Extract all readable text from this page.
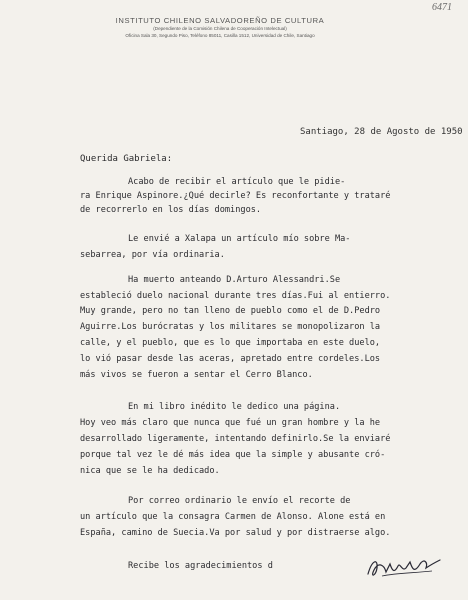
6471
INSTITUTO CHILENO SALVADOREÑO DE CULTURA
(Dependiente de la Comisión Chilena de Cooperación Intelectual)
Oficina Sala 30, Segundo Piso, Teléfono 85011, Casilla 1512, Universidad de Chile, Santiago
Santiago, 28 de Agosto de 1950
Querida Gabriela:
Acabo de recibir el artículo que le pidie-
ra Enrique Aspinore.¿Qué decirle? Es reconfortante y trataré
de recorrerlo en los días domingos.
Le envié a Xalapa un artículo mío sobre Ma-
sebarrea, por vía ordinaria.
Ha muerto anteando D.Arturo Alessandri.Se
estableció duelo nacional durante tres días.Fui al entierro.
Muy grande, pero no tan lleno de pueblo como el de D.Pedro
Aguirre.Los burócratas y los militares se monopolizaron la
calle, y el pueblo, que es lo que importaba en este duelo,
lo vió pasar desde las aceras, apretado entre cordeles.Los
más vivos se fueron a sentar el Cerro Blanco.
En mi libro inédito le dedico una página.
Hoy veo más claro que nunca que fué un gran hombre y la he
desarrollado ligeramente, intentando definirlo.Se la enviaré
porque tal vez le dé más idea que la simple y abusante cró-
nica que se le ha dedicado.
Por correo ordinario le envío el recorte de
un artículo que la consagra Carmen de Alonso. Alone está en
España, camino de Suecia.Va por salud y por distraerse algo.
Recibe los agradecimientos d
